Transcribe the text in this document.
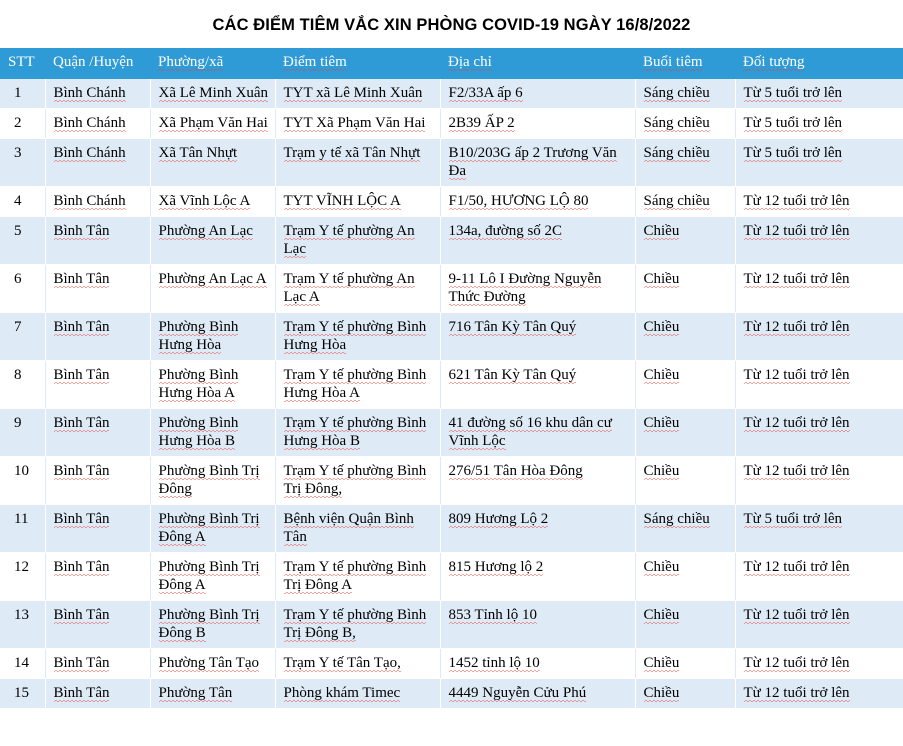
CÁC ĐIỂM TIÊM VẮC XIN PHÒNG COVID-19 NGÀY 16/8/2022
STT	Quận /Huyện	Phường/xã	Điểm tiêm	Địa chỉ	Buổi tiêm	Đối tượng
1	Bình Chánh	Xã Lê Minh Xuân	TYT xã Lê Minh Xuân	F2/33A ấp 6	Sáng chiều	Từ 5 tuổi trở lên
2	Bình Chánh	Xã Phạm Văn Hai	TYT Xã Phạm Văn Hai	2B39 ẤP 2	Sáng chiều	Từ 5 tuổi trở lên
3	Bình Chánh	Xã Tân Nhựt	Trạm y tế xã Tân Nhựt	B10/203G ấp 2 Trương Văn Đa	Sáng chiều	Từ 5 tuổi trở lên
4	Bình Chánh	Xã Vĩnh Lộc A	TYT VĨNH LỘC A	F1/50, HƯƠNG LỘ 80	Sáng chiều	Từ 12 tuổi trở lên
5	Bình Tân	Phường An Lạc	Trạm Y tế phường An Lạc	134a, đường số 2C	Chiều	Từ 12 tuổi trở lên
6	Bình Tân	Phường An Lạc A	Trạm Y tế phường An Lạc A	9-11 Lô I Đường Nguyễn Thức Đường	Chiều	Từ 12 tuổi trở lên
7	Bình Tân	Phường Bình Hưng Hòa	Trạm Y tế phường Bình Hưng Hòa	716 Tân Kỳ Tân Quý	Chiều	Từ 12 tuổi trở lên
8	Bình Tân	Phường Bình Hưng Hòa A	Trạm Y tế phường Bình Hưng Hòa A	621 Tân Kỳ Tân Quý	Chiều	Từ 12 tuổi trở lên
9	Bình Tân	Phường Bình Hưng Hòa B	Trạm Y tế phường Bình Hưng Hòa B	41 đường số 16 khu dân cư Vĩnh Lộc	Chiều	Từ 12 tuổi trở lên
10	Bình Tân	Phường Bình Trị Đông	Trạm Y tế phường Bình Trị Đông,	276/51 Tân Hòa Đông	Chiều	Từ 12 tuổi trở lên
11	Bình Tân	Phường Bình Trị Đông A	Bệnh viện Quận Bình Tân	809 Hương Lộ 2	Sáng chiều	Từ 5 tuổi trở lên
12	Bình Tân	Phường Bình Trị Đông A	Trạm Y tế phường Bình Trị Đông A	815 Hương lộ 2	Chiều	Từ 12 tuổi trở lên
13	Bình Tân	Phường Bình Trị Đông B	Trạm Y tế phường Bình Trị Đông B,	853 Tỉnh lộ 10	Chiều	Từ 12 tuổi trở lên
14	Bình Tân	Phường Tân Tạo	Trạm Y tế Tân Tạo,	1452 tỉnh lộ 10	Chiều	Từ 12 tuổi trở lên
15	Bình Tân	Phường Tân	Phòng khám Timec	4449 Nguyễn Cửu Phú	Chiều	Từ 12 tuổi trở lên
